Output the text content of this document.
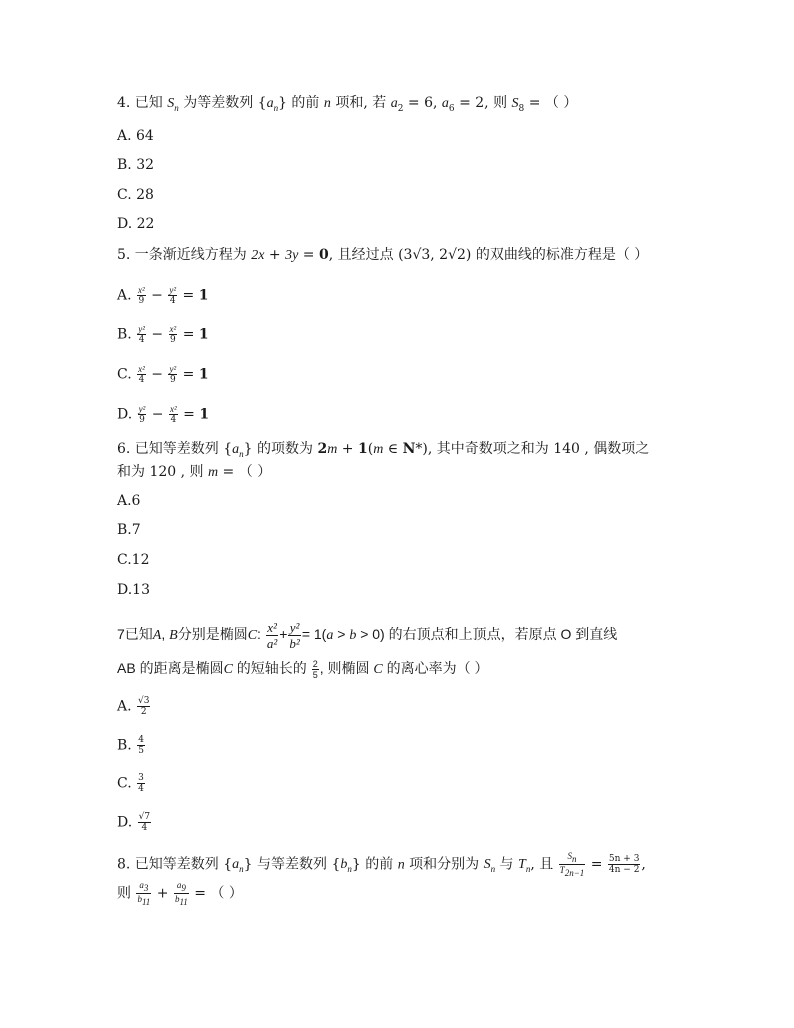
4. 已知 $S_n$ 为等差数列 $\{a_n\}$ 的前 n 项和, 若 $a_2 = 6$, $a_6 = 2$, 则 $S_8$ = （ ）
A. 64
B. 32
C. 28
D. 22
5. 一条渐近线方程为 2x + 3y = 0, 且经过点 (3√3, 2√2) 的双曲线的标准方程是（ ）
A. $\frac{\text{x²}}{9} - \frac{\text{y²}}{4} = 1$
B. $\frac{\text{y²}}{4} - \frac{\text{x²}}{9} = 1$
C. $\frac{\text{x²}}{4} - \frac{\text{y²}}{9} = 1$
D. $\frac{\text{y²}}{9} - \frac{\text{x²}}{4} = 1$
6. 已知等差数列 $\{a_n\}$ 的项数为 2m + 1(m ∈ N*), 其中奇数项之和为 140 , 偶数项之
和为 120 , 则 m = （ ）
A.6
B.7
C.12
D.13
7已知A, B分别是椭圆C: $\frac{\text{x²}}{\text{a²}} + \frac{\text{y²}}{\text{b²}} = 1(a > b > 0)$ 的右顶点和上顶点，若原点 O 到直线
AB 的距离是椭圆C 的短轴长的 $\frac{2}{5}$ , 则椭圆 C 的离心率为（ ）
A. $\frac{√3}{2}$
B. $\frac{4}{5}$
C. $\frac{3}{4}$
D. $\frac{√7}{4}$
8. 已知等差数列 $\{a_n\}$ 与等差数列 $\{b_n\}$ 的前 n 项和分别为 $S_n$ 与 $T_n$, 且 $\frac{S_n}{T_{2n-1}} = \frac{5n + 3}{4n - 2}$ ,
则 $\frac{a_3}{b_{11}} + \frac{a_9}{b_{11}}$ = （ ）
